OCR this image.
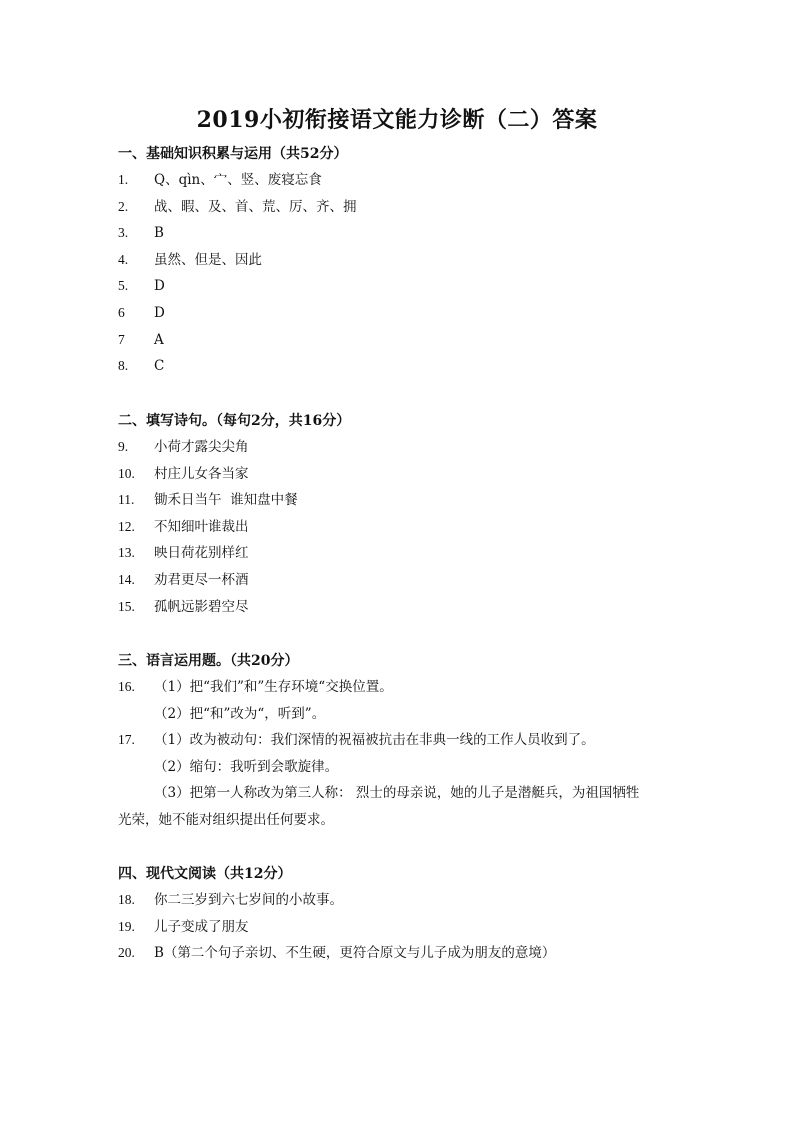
2019小初衔接语文能力诊断（二）答案
一、基础知识积累与运用（共52分）
1. Q、qìn、宀、竖、废寝忘食
2. 战、暇、及、首、荒、厉、齐、拥
3. B
4. 虽然、但是、因此
5. D
6 D
7 A
8. C
二、填写诗句。（每句2分，共16分）
9. 小荷才露尖尖角
10. 村庄儿女各当家
11. 锄禾日当午  谁知盘中餐
12. 不知细叶谁裁出
13. 映日荷花别样红
14. 劝君更尽一杯酒
15. 孤帆远影碧空尽
三、语言运用题。（共20分）
16. （1）把“我们”和”生存环境“交换位置。
（2）把“和”改为“，听到”。
17. （1）改为被动句：我们深情的祝福被抗击在非典一线的工作人员收到了。
（2）缩句：我听到会歌旋律。
（3）把第一人称改为第三人称： 烈士的母亲说，她的儿子是潜艇兵，为祖国牺牲
光荣，她不能对组织提出任何要求。
四、现代文阅读（共12分）
18. 你二三岁到六七岁间的小故事。
19. 儿子变成了朋友
20. B（第二个句子亲切、不生硬，更符合原文与儿子成为朋友的意境）
